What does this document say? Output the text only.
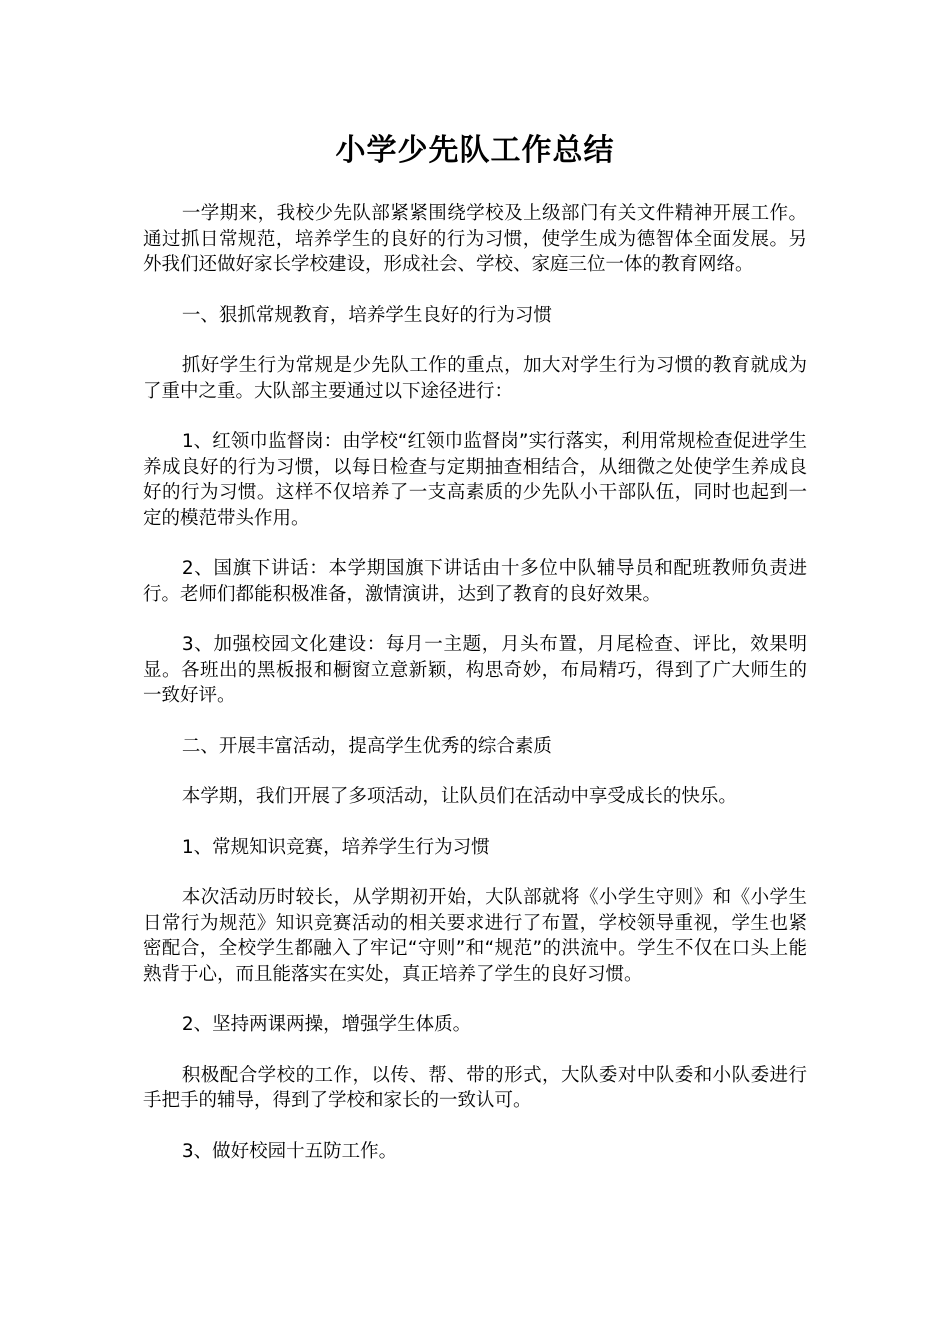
小学少先队工作总结

一学期来，我校少先队部紧紧围绕学校及上级部门有关文件精神开展工作。通过抓日常规范，培养学生的良好的行为习惯，使学生成为德智体全面发展。另外我们还做好家长学校建设，形成社会、学校、家庭三位一体的教育网络。

一、狠抓常规教育，培养学生良好的行为习惯

抓好学生行为常规是少先队工作的重点，加大对学生行为习惯的教育就成为了重中之重。大队部主要通过以下途径进行：

1、红领巾监督岗：由学校“红领巾监督岗”实行落实，利用常规检查促进学生养成良好的行为习惯，以每日检查与定期抽查相结合，从细微之处使学生养成良好的行为习惯。这样不仅培养了一支高素质的少先队小干部队伍，同时也起到一定的模范带头作用。

2、国旗下讲话：本学期国旗下讲话由十多位中队辅导员和配班教师负责进行。老师们都能积极准备，激情演讲，达到了教育的良好效果。

3、加强校园文化建设：每月一主题，月头布置，月尾检查、评比，效果明显。各班出的黑板报和橱窗立意新颖，构思奇妙，布局精巧，得到了广大师生的一致好评。

二、开展丰富活动，提高学生优秀的综合素质

本学期，我们开展了多项活动，让队员们在活动中享受成长的快乐。

1、常规知识竞赛，培养学生行为习惯

本次活动历时较长，从学期初开始，大队部就将《小学生守则》和《小学生日常行为规范》知识竞赛活动的相关要求进行了布置，学校领导重视，学生也紧密配合，全校学生都融入了牢记“守则”和“规范”的洪流中。学生不仅在口头上能熟背于心，而且能落实在实处，真正培养了学生的良好习惯。

2、坚持两课两操，增强学生体质。

积极配合学校的工作，以传、帮、带的形式，大队委对中队委和小队委进行手把手的辅导，得到了学校和家长的一致认可。

3、做好校园十五防工作。
